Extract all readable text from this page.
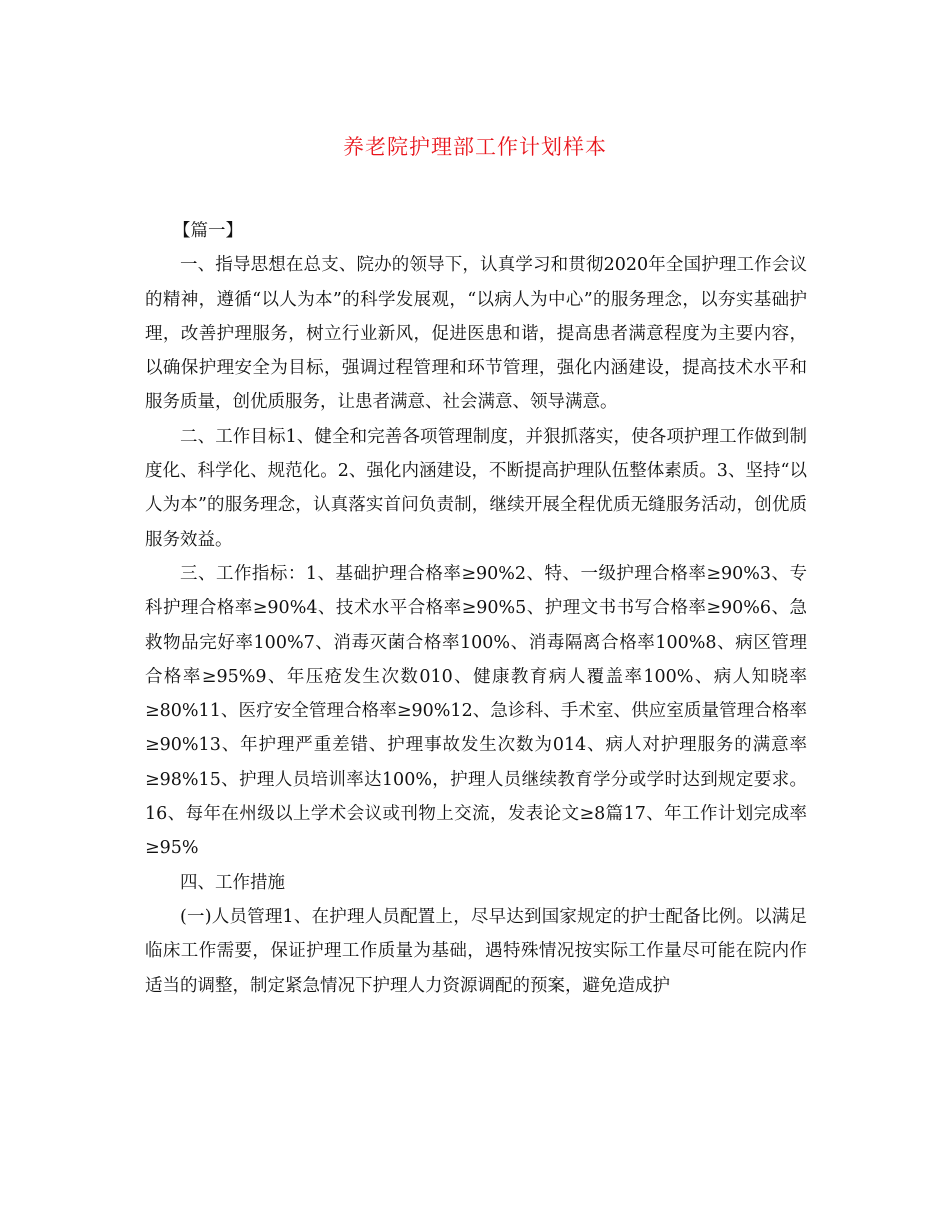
养老院护理部工作计划样本

【篇一】

一、指导思想在总支、院办的领导下，认真学习和贯彻2020年全国护理工作会议的精神，遵循“以人为本”的科学发展观，“以病人为中心”的服务理念，以夯实基础护理，改善护理服务，树立行业新风，促进医患和谐，提高患者满意程度为主要内容，以确保护理安全为目标，强调过程管理和环节管理，强化内涵建设，提高技术水平和服务质量，创优质服务，让患者满意、社会满意、领导满意。

二、工作目标1、健全和完善各项管理制度，并狠抓落实，使各项护理工作做到制度化、科学化、规范化。2、强化内涵建设，不断提高护理队伍整体素质。3、坚持“以人为本”的服务理念，认真落实首问负责制，继续开展全程优质无缝服务活动，创优质服务效益。

三、工作指标：1、基础护理合格率≥90%2、特、一级护理合格率≥90%3、专科护理合格率≥90%4、技术水平合格率≥90%5、护理文书书写合格率≥90%6、急救物品完好率100%7、消毒灭菌合格率100%、消毒隔离合格率100%8、病区管理合格率≥95%9、年压疮发生次数010、健康教育病人覆盖率100%、病人知晓率≥80%11、医疗安全管理合格率≥90%12、急诊科、手术室、供应室质量管理合格率≥90%13、年护理严重差错、护理事故发生次数为014、病人对护理服务的满意率≥98%15、护理人员培训率达100%，护理人员继续教育学分或学时达到规定要求。16、每年在州级以上学术会议或刊物上交流，发表论文≥8篇17、年工作计划完成率≥95%

四、工作措施

(一)人员管理1、在护理人员配置上，尽早达到国家规定的护士配备比例。以满足临床工作需要，保证护理工作质量为基础，遇特殊情况按实际工作量尽可能在院内作适当的调整，制定紧急情况下护理人力资源调配的预案，避免造成护
